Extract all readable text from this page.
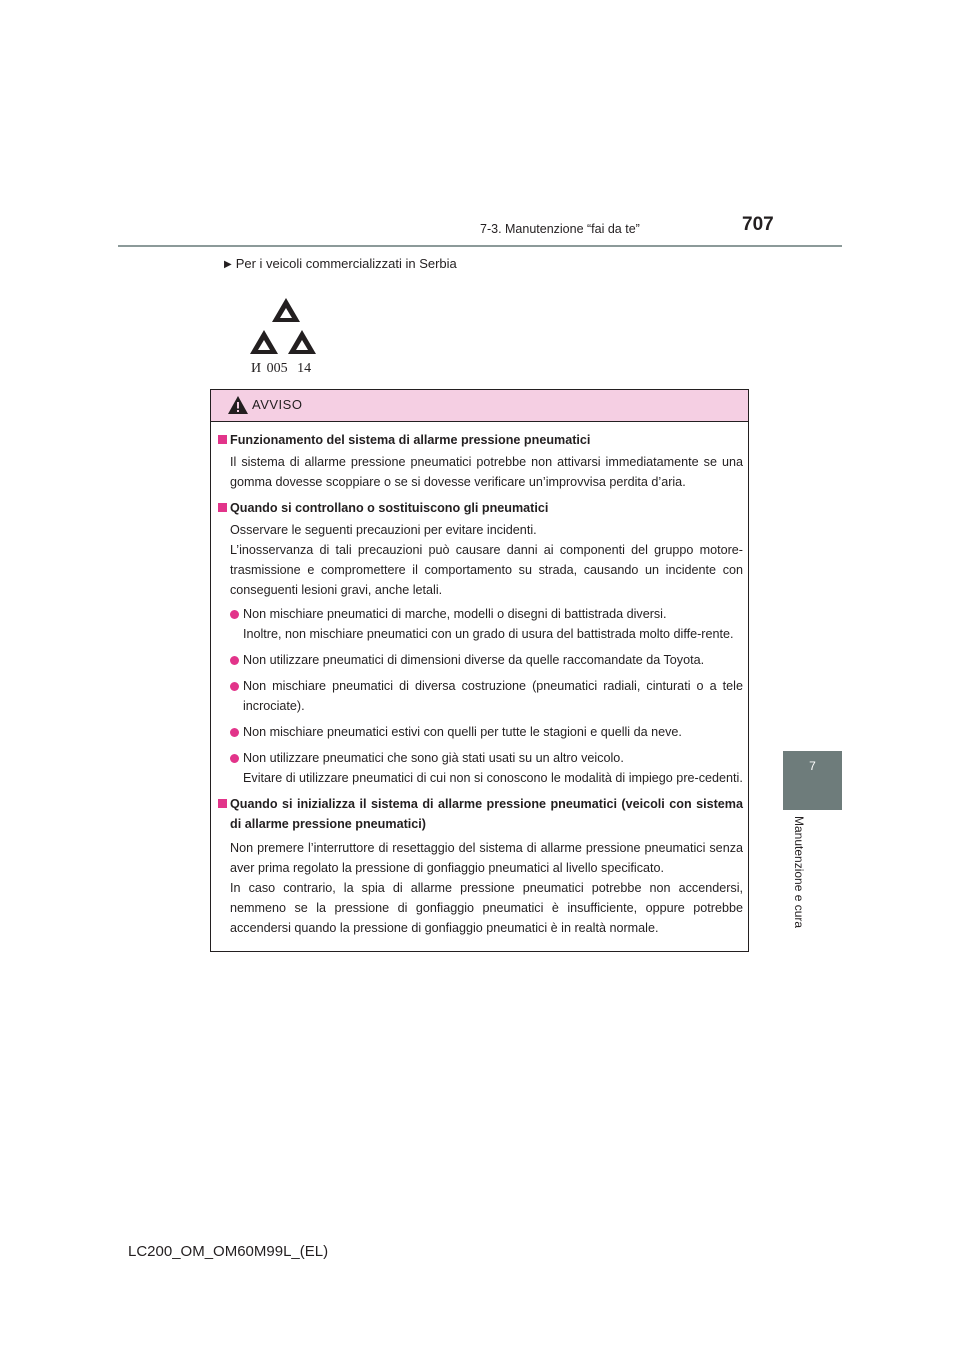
7-3. Manutenzione “fai da te”	707
7
Manutenzione e cura
▶ Per i veicoli commercializzati in Serbia
И 005 14
AVVISO
Funzionamento del sistema di allarme pressione pneumatici
Il sistema di allarme pressione pneumatici potrebbe non attivarsi immediatamente se una gomma dovesse scoppiare o se si dovesse verificare un’improvvisa perdita d’aria.
Quando si controllano o sostituiscono gli pneumatici
Osservare le seguenti precauzioni per evitare incidenti.
L’inosservanza di tali precauzioni può causare danni ai componenti del gruppo motore-trasmissione e compromettere il comportamento su strada, causando un incidente con conseguenti lesioni gravi, anche letali.
Non mischiare pneumatici di marche, modelli o disegni di battistrada diversi.
Inoltre, non mischiare pneumatici con un grado di usura del battistrada molto diffe-rente.
Non utilizzare pneumatici di dimensioni diverse da quelle raccomandate da Toyota.
Non mischiare pneumatici di diversa costruzione (pneumatici radiali, cinturati o a tele incrociate).
Non mischiare pneumatici estivi con quelli per tutte le stagioni e quelli da neve.
Non utilizzare pneumatici che sono già stati usati su un altro veicolo.
Evitare di utilizzare pneumatici di cui non si conoscono le modalità di impiego pre-cedenti.
Quando si inizializza il sistema di allarme pressione pneumatici (veicoli con sistema di allarme pressione pneumatici)
Non premere l’interruttore di resettaggio del sistema di allarme pressione pneumatici senza aver prima regolato la pressione di gonfiaggio pneumatici al livello specificato.
In caso contrario, la spia di allarme pressione pneumatici potrebbe non accendersi, nemmeno se la pressione di gonfiaggio pneumatici è insufficiente, oppure potrebbe accendersi quando la pressione di gonfiaggio pneumatici è in realtà normale.
LC200_OM_OM60M99L_(EL)
